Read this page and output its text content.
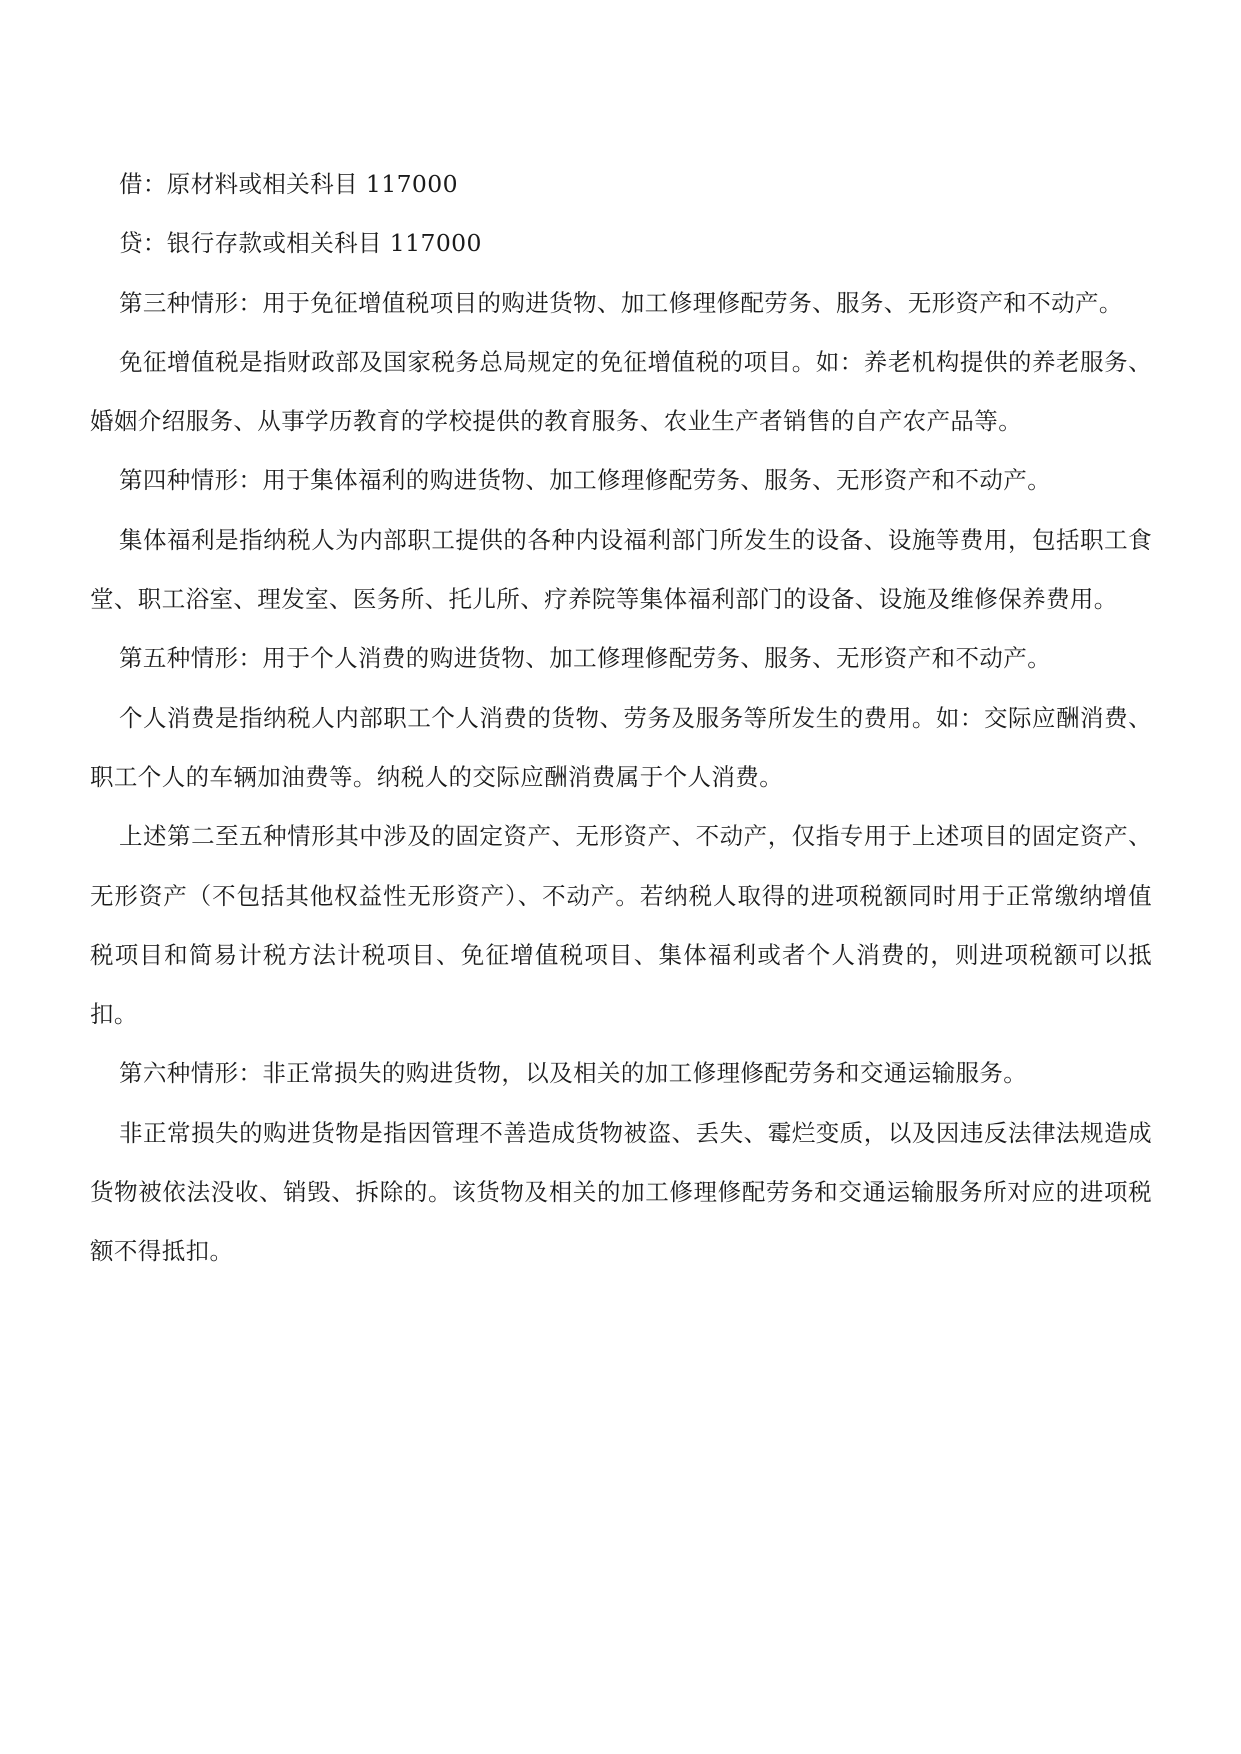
借：原材料或相关科目 117000

贷：银行存款或相关科目 117000

第三种情形：用于免征增值税项目的购进货物、加工修理修配劳务、服务、无形资产和不动产。

免征增值税是指财政部及国家税务总局规定的免征增值税的项目。如：养老机构提供的养老服务、婚姻介绍服务、从事学历教育的学校提供的教育服务、农业生产者销售的自产农产品等。

第四种情形：用于集体福利的购进货物、加工修理修配劳务、服务、无形资产和不动产。

集体福利是指纳税人为内部职工提供的各种内设福利部门所发生的设备、设施等费用，包括职工食堂、职工浴室、理发室、医务所、托儿所、疗养院等集体福利部门的设备、设施及维修保养费用。

第五种情形：用于个人消费的购进货物、加工修理修配劳务、服务、无形资产和不动产。

个人消费是指纳税人内部职工个人消费的货物、劳务及服务等所发生的费用。如：交际应酬消费、职工个人的车辆加油费等。纳税人的交际应酬消费属于个人消费。

上述第二至五种情形其中涉及的固定资产、无形资产、不动产，仅指专用于上述项目的固定资产、无形资产（不包括其他权益性无形资产）、不动产。若纳税人取得的进项税额同时用于正常缴纳增值税项目和简易计税方法计税项目、免征增值税项目、集体福利或者个人消费的，则进项税额可以抵扣。

第六种情形：非正常损失的购进货物，以及相关的加工修理修配劳务和交通运输服务。

非正常损失的购进货物是指因管理不善造成货物被盗、丢失、霉烂变质，以及因违反法律法规造成货物被依法没收、销毁、拆除的。该货物及相关的加工修理修配劳务和交通运输服务所对应的进项税额不得抵扣。
